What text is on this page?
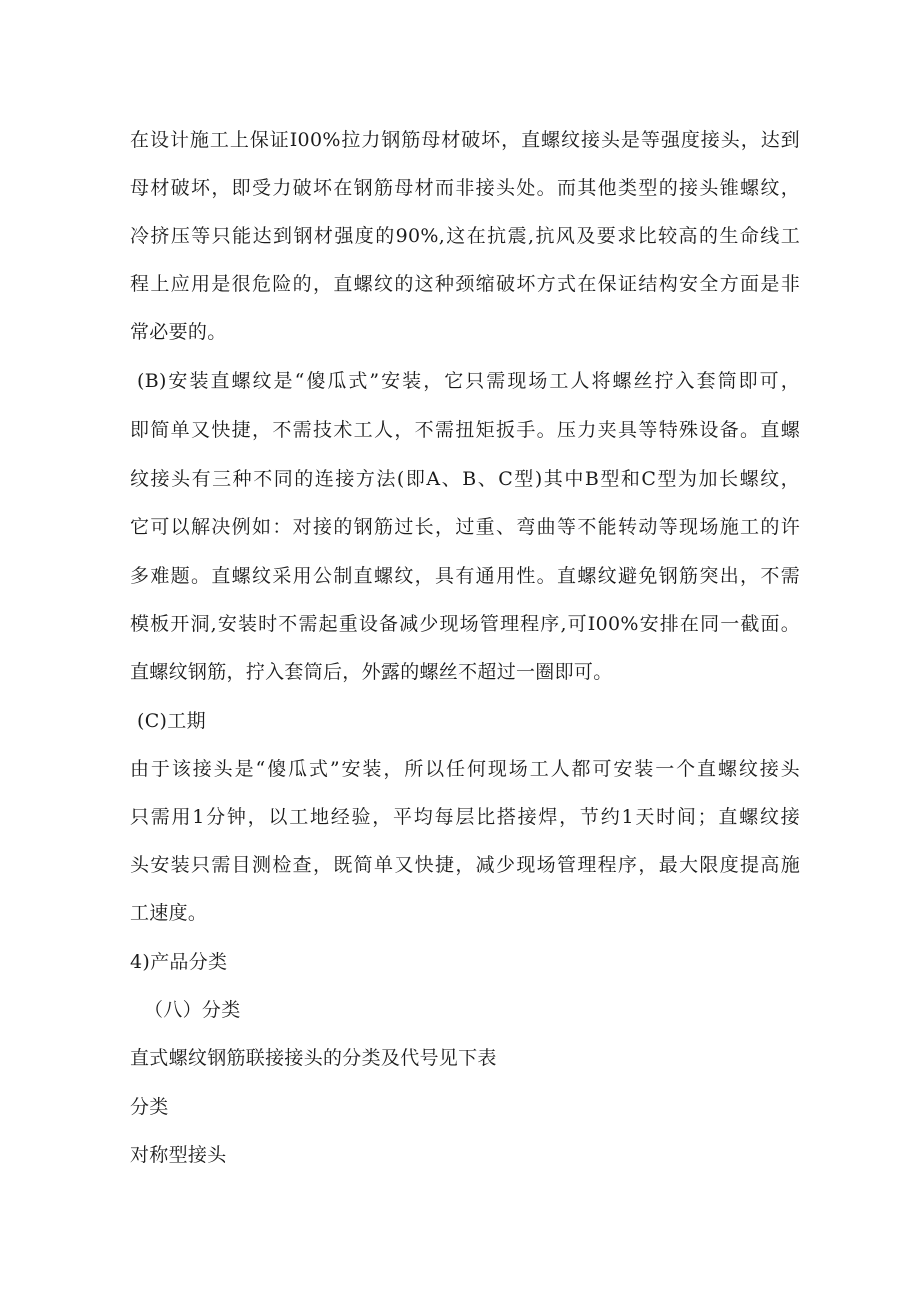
在设计施工上保证I00%拉力钢筋母材破坏，直螺纹接头是等强度接头，达到
母材破坏，即受力破坏在钢筋母材而非接头处。而其他类型的接头锥螺纹，
冷挤压等只能达到钢材强度的90%,这在抗震,抗风及要求比较高的生命线工
程上应用是很危险的，直螺纹的这种颈缩破坏方式在保证结构安全方面是非
常必要的。
(B)安装直螺纹是“傻瓜式”安装，它只需现场工人将螺丝拧入套筒即可，
即简单又快捷，不需技术工人，不需扭矩扳手。压力夹具等特殊设备。直螺
纹接头有三种不同的连接方法(即A、B、C型)其中B型和C型为加长螺纹，
它可以解决例如：对接的钢筋过长，过重、弯曲等不能转动等现场施工的许
多难题。直螺纹采用公制直螺纹，具有通用性。直螺纹避免钢筋突出，不需
模板开洞,安装时不需起重设备减少现场管理程序,可I00%安排在同一截面。
直螺纹钢筋，拧入套筒后，外露的螺丝不超过一圈即可。
(C)工期
由于该接头是“傻瓜式”安装，所以任何现场工人都可安装一个直螺纹接头
只需用1分钟，以工地经验，平均每层比搭接焊，节约1天时间；直螺纹接
头安装只需目测检查，既简单又快捷，减少现场管理程序，最大限度提高施
工速度。
4)产品分类
（八）分类
直式螺纹钢筋联接接头的分类及代号见下表
分类
对称型接头
